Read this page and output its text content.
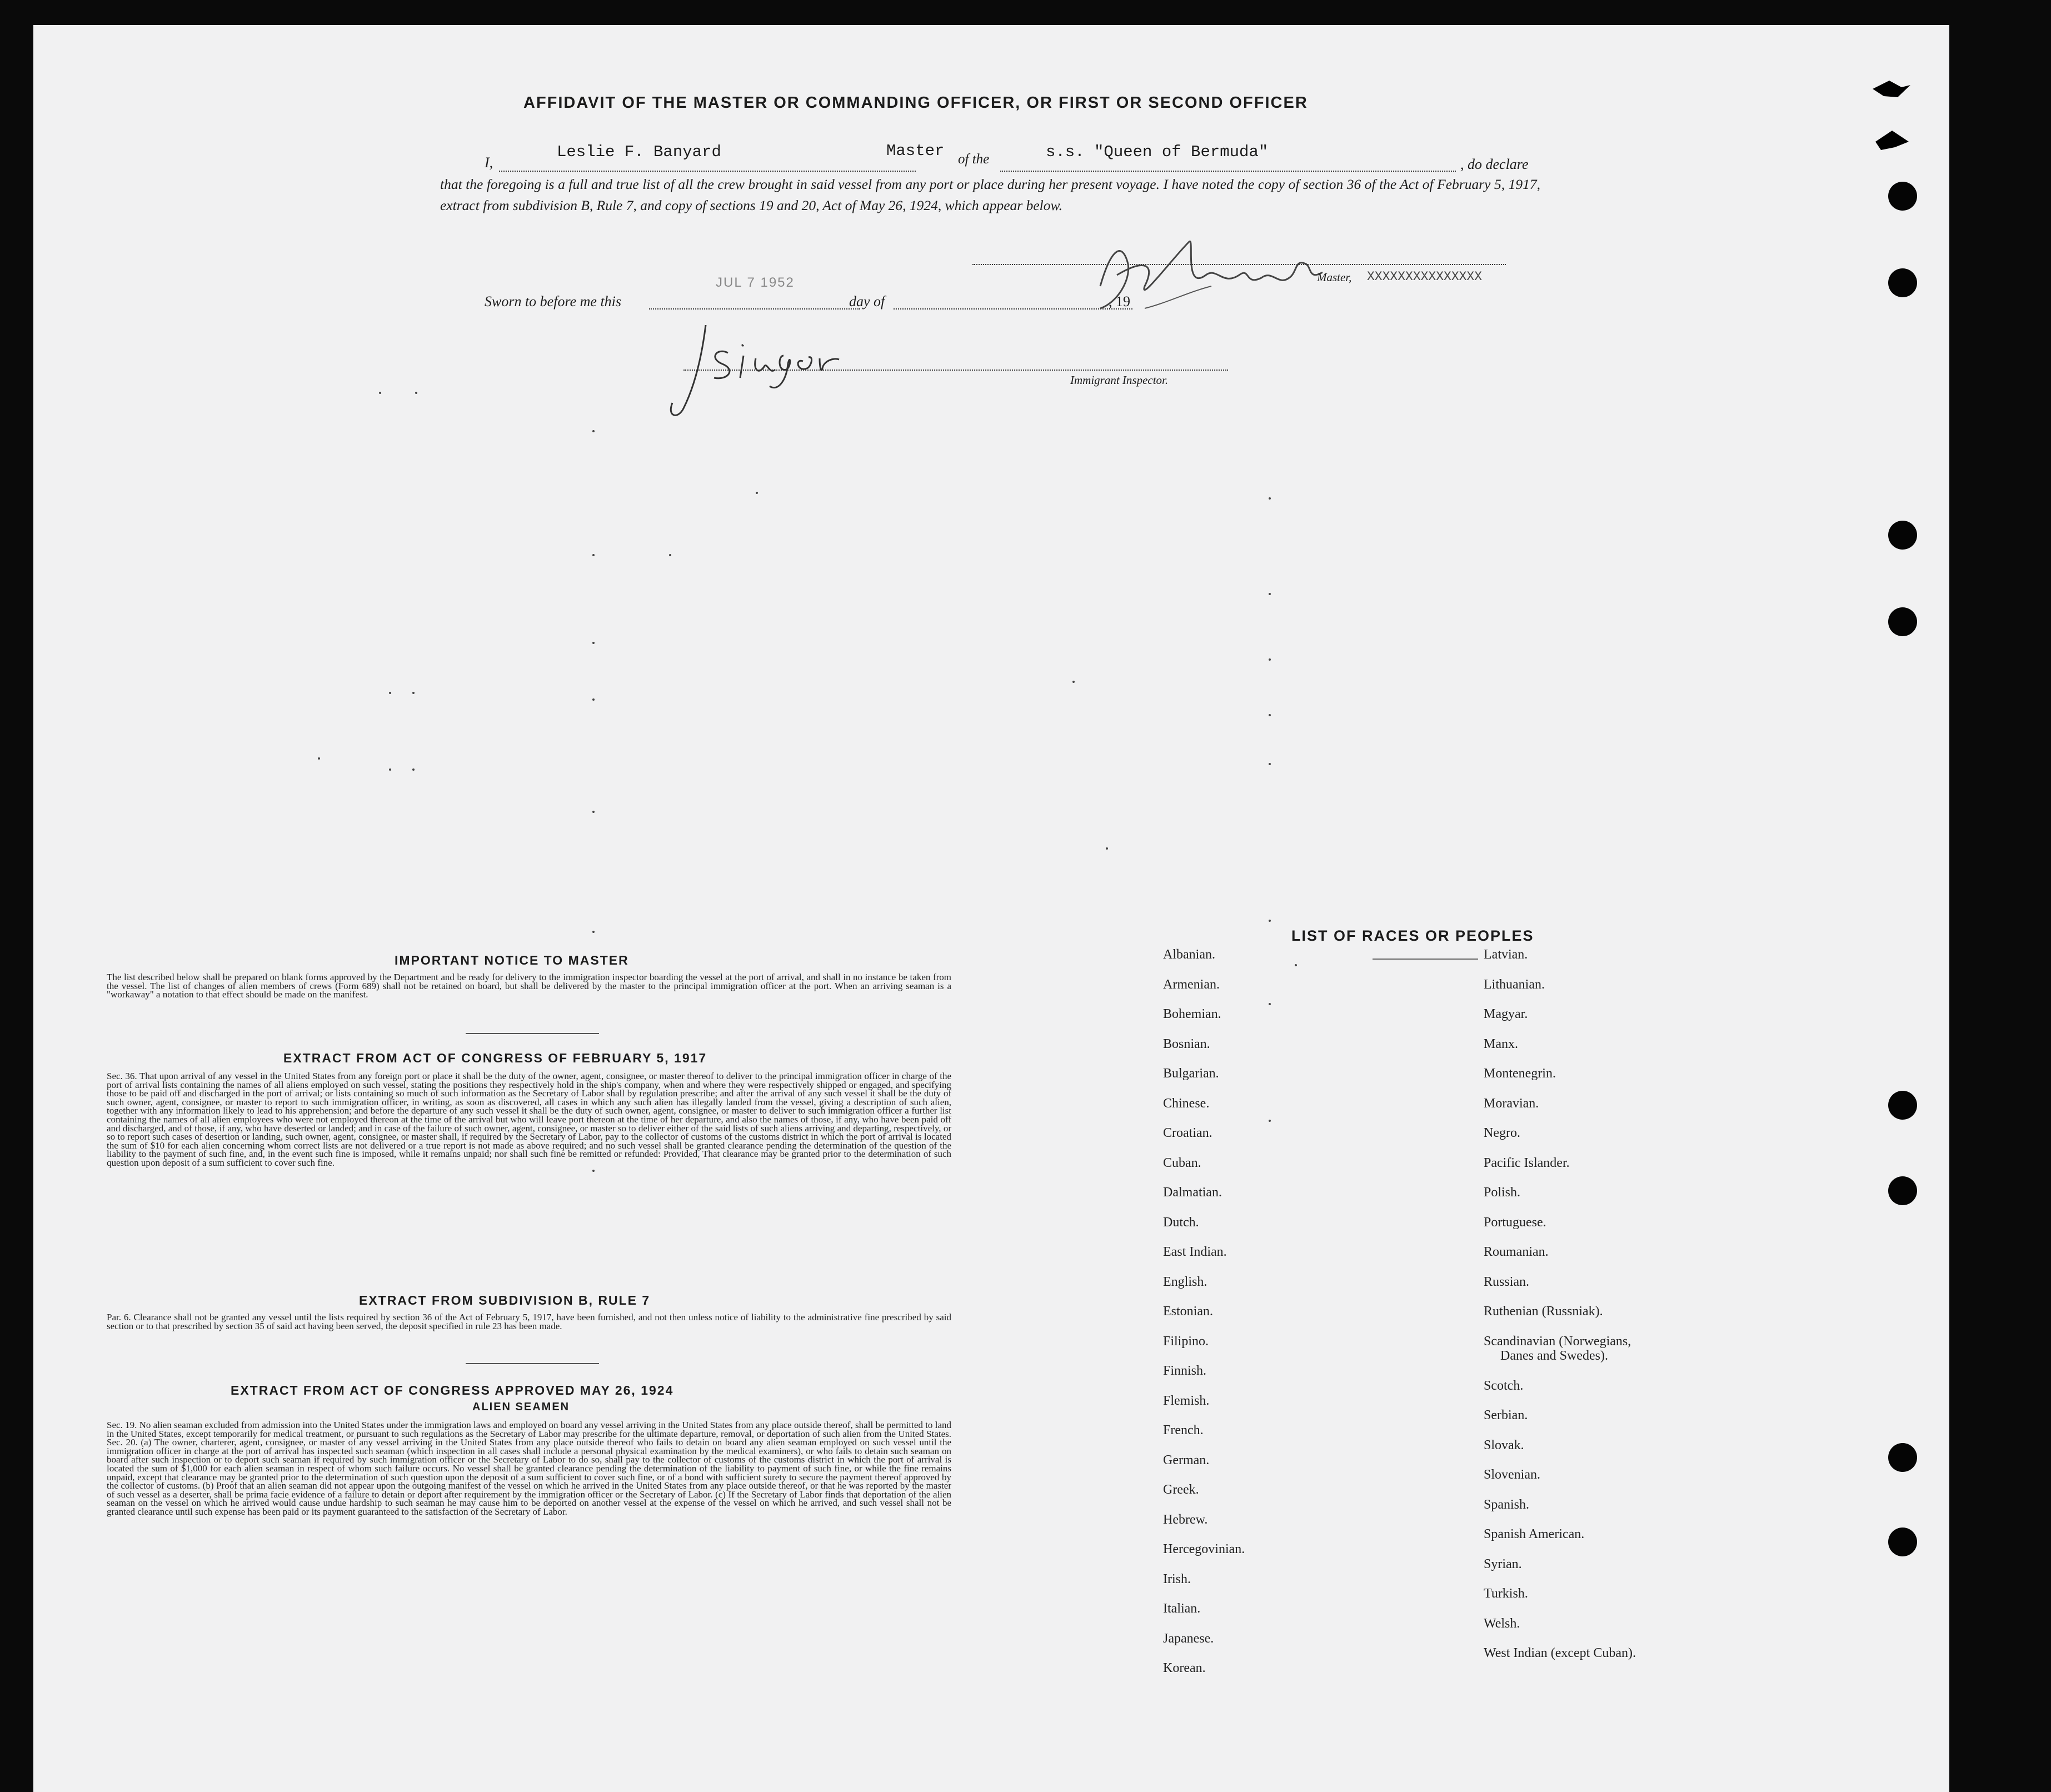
AFFIDAVIT OF THE MASTER OR COMMANDING OFFICER, OR FIRST OR SECOND OFFICER
I,
Leslie F. Banyard	Master of the	s.s. "Queen of Bermuda"
, do declare
that the foregoing is a full and true list of all the crew brought in said vessel from any port or place during her present voyage. I have noted the copy of section 36 of the Act of February 5, 1917, extract from subdivision B, Rule 7, and copy of sections 19 and 20, Act of May 26, 1924, which appear below.
Master, XXXXXXXXXXXXXXX
Sworn to before me this
JUL 7 1952
day of	, 19
Immigrant Inspector.
IMPORTANT NOTICE TO MASTER
The list described below shall be prepared on blank forms approved by the Department and be ready for delivery to the immigration inspector boarding the vessel at the port of arrival, and shall in no instance be taken from the vessel. The list of changes of alien members of crews (Form 689) shall not be retained on board, but shall be delivered by the master to the principal immigration officer at the port. When an arriving seaman is a "workaway" a notation to that effect should be made on the manifest.
EXTRACT FROM ACT OF CONGRESS OF FEBRUARY 5, 1917
Sec. 36. That upon arrival of any vessel in the United States from any foreign port or place it shall be the duty of the owner, agent, consignee, or master thereof to deliver to the principal immigration officer in charge of the port of arrival lists containing the names of all aliens employed on such vessel, stating the positions they respectively hold in the ship's company, when and where they were respectively shipped or engaged, and specifying those to be paid off and discharged in the port of arrival; or lists containing so much of such information as the Secretary of Labor shall by regulation prescribe; and after the arrival of any such vessel it shall be the duty of such owner, agent, consignee, or master to report to such immigration officer, in writing, as soon as discovered, all cases in which any such alien has illegally landed from the vessel, giving a description of such alien, together with any information likely to lead to his apprehension; and before the departure of any such vessel it shall be the duty of such owner, agent, consignee, or master to deliver to such immigration officer a further list containing the names of all alien employees who were not employed thereon at the time of the arrival but who will leave port thereon at the time of her departure, and also the names of those, if any, who have been paid off and discharged, and of those, if any, who have deserted or landed; and in case of the failure of such owner, agent, consignee, or master so to deliver either of the said lists of such aliens arriving and departing, respectively, or so to report such cases of desertion or landing, such owner, agent, consignee, or master shall, if required by the Secretary of Labor, pay to the collector of customs of the customs district in which the port of arrival is located the sum of $10 for each alien concerning whom correct lists are not delivered or a true report is not made as above required; and no such vessel shall be granted clearance pending the determination of the question of the liability to the payment of such fine, and, in the event such fine is imposed, while it remains unpaid; nor shall such fine be remitted or refunded: Provided, That clearance may be granted prior to the determination of such question upon deposit of a sum sufficient to cover such fine.
EXTRACT FROM SUBDIVISION B, RULE 7
Par. 6. Clearance shall not be granted any vessel until the lists required by section 36 of the Act of February 5, 1917, have been furnished, and not then unless notice of liability to the administrative fine prescribed by said section or to that prescribed by section 35 of said act having been served, the deposit specified in rule 23 has been made.
EXTRACT FROM ACT OF CONGRESS APPROVED MAY 26, 1924
ALIEN SEAMEN
Sec. 19. No alien seaman excluded from admission into the United States under the immigration laws and employed on board any vessel arriving in the United States from any place outside thereof, shall be permitted to land in the United States, except temporarily for medical treatment, or pursuant to such regulations as the Secretary of Labor may prescribe for the ultimate departure, removal, or deportation of such alien from the United States. Sec. 20. (a) The owner, charterer, agent, consignee, or master of any vessel arriving in the United States from any place outside thereof who fails to detain on board any alien seaman employed on such vessel until the immigration officer in charge at the port of arrival has inspected such seaman (which inspection in all cases shall include a personal physical examination by the medical examiners), or who fails to detain such seaman on board after such inspection or to deport such seaman if required by such immigration officer or the Secretary of Labor to do so, shall pay to the collector of customs of the customs district in which the port of arrival is located the sum of $1,000 for each alien seaman in respect of whom such failure occurs. No vessel shall be granted clearance pending the determination of the liability to payment of such fine, or while the fine remains unpaid, except that clearance may be granted prior to the determination of such question upon the deposit of a sum sufficient to cover such fine, or of a bond with sufficient surety to secure the payment thereof approved by the collector of customs. (b) Proof that an alien seaman did not appear upon the outgoing manifest of the vessel on which he arrived in the United States from any place outside thereof, or that he was reported by the master of such vessel as a deserter, shall be prima facie evidence of a failure to detain or deport after requirement by the immigration officer or the Secretary of Labor. (c) If the Secretary of Labor finds that deportation of the alien seaman on the vessel on which he arrived would cause undue hardship to such seaman he may cause him to be deported on another vessel at the expense of the vessel on which he arrived, and such vessel shall not be granted clearance until such expense has been paid or its payment guaranteed to the satisfaction of the Secretary of Labor.
LIST OF RACES OR PEOPLES
Albanian.
Armenian.
Bohemian.
Bosnian.
Bulgarian.
Chinese.
Croatian.
Cuban.
Dalmatian.
Dutch.
East Indian.
English.
Estonian.
Filipino.
Finnish.
Flemish.
French.
German.
Greek.
Hebrew.
Hercegovinian.
Irish.
Italian.
Japanese.
Korean.
Latvian.
Lithuanian.
Magyar.
Manx.
Montenegrin.
Moravian.
Negro.
Pacific Islander.
Polish.
Portuguese.
Roumanian.
Russian.
Ruthenian (Russniak).
Scandinavian (Norwegians,
Danes and Swedes).
Scotch.
Serbian.
Slovak.
Slovenian.
Spanish.
Spanish American.
Syrian.
Turkish.
Welsh.
West Indian (except Cuban).
